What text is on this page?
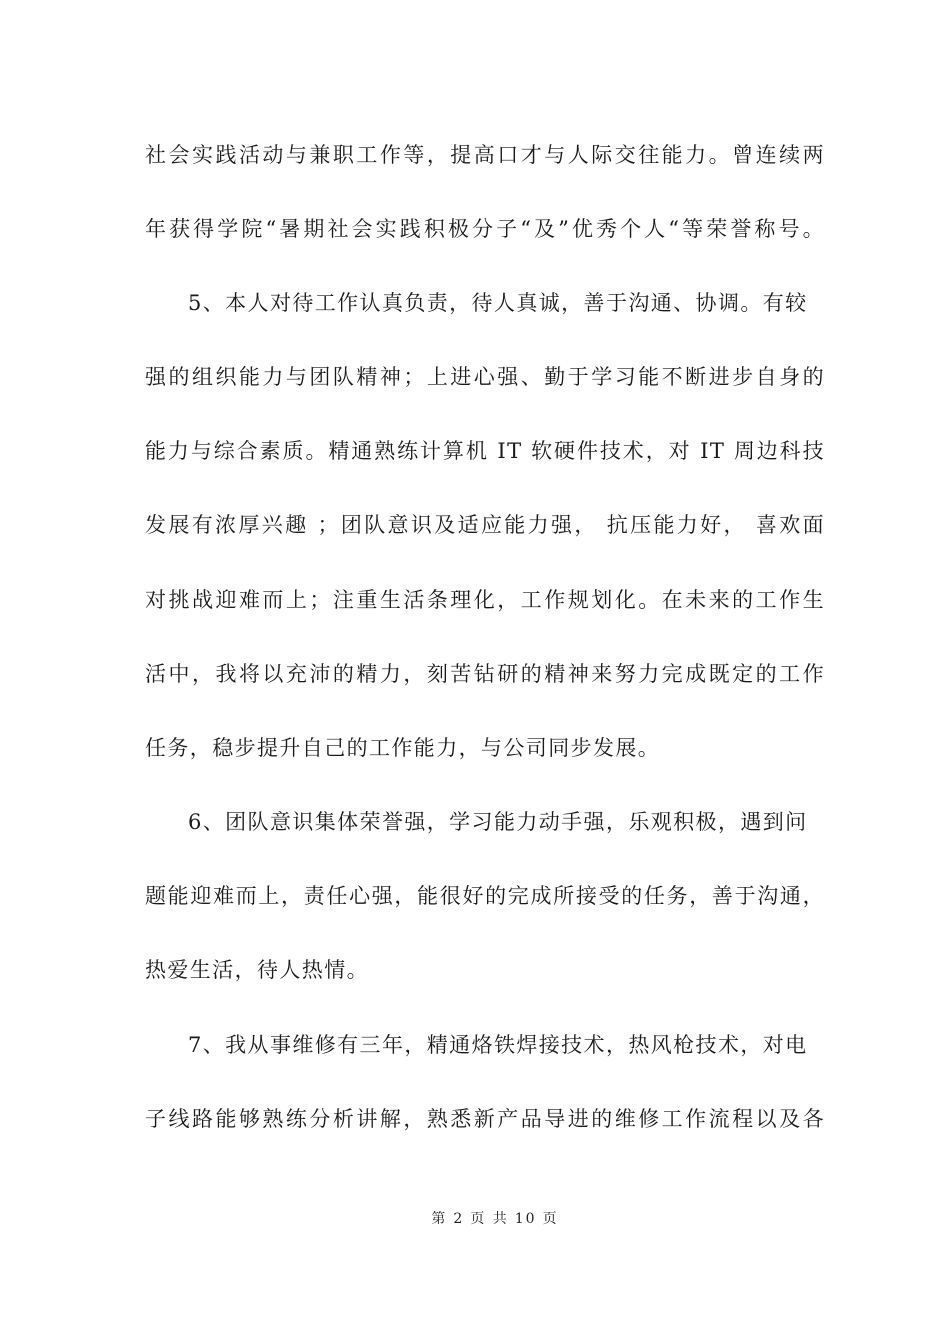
社会实践活动与兼职工作等，提高口才与人际交往能力。曾连续两
年获得学院“暑期社会实践积极分子“及”优秀个人“等荣誉称号。
5、本人对待工作认真负责，待人真诚，善于沟通、协调。有较
强的组织能力与团队精神；上进心强、勤于学习能不断进步自身的
能力与综合素质。精通熟练计算机 IT 软硬件技术，对 IT 周边科技
发展有浓厚兴趣 ；团队意识及适应能力强， 抗压能力好， 喜欢面
对挑战迎难而上；注重生活条理化，工作规划化。在未来的工作生
活中，我将以充沛的精力，刻苦钻研的精神来努力完成既定的工作
任务，稳步提升自己的工作能力，与公司同步发展。
6、团队意识集体荣誉强，学习能力动手强，乐观积极，遇到问
题能迎难而上，责任心强，能很好的完成所接受的任务，善于沟通，
热爱生活，待人热情。
7、我从事维修有三年，精通烙铁焊接技术，热风枪技术，对电
子线路能够熟练分析讲解，熟悉新产品导进的维修工作流程以及各
第 2 页 共 10 页
